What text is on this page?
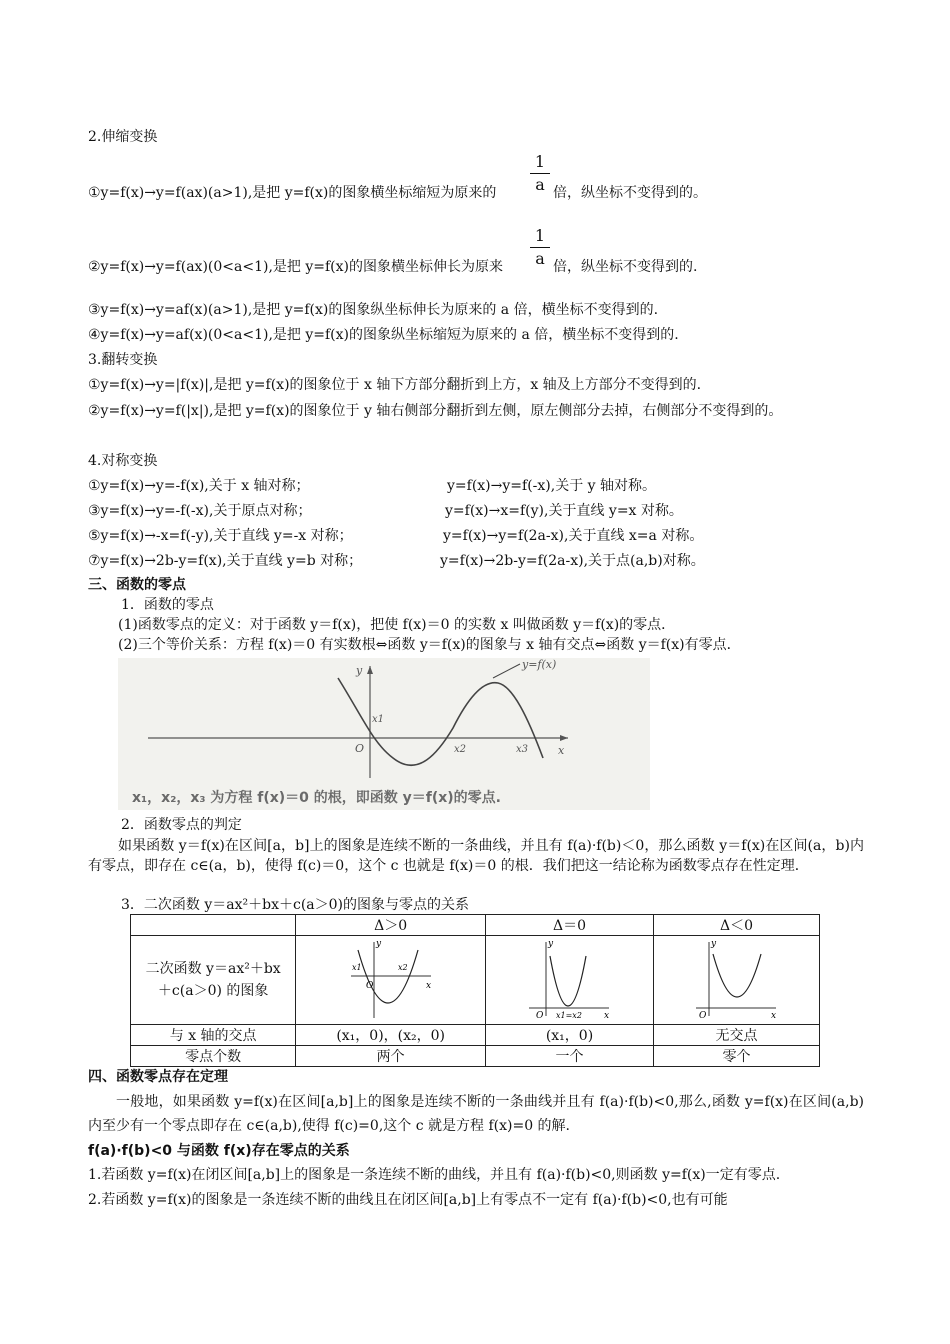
2.伸缩变换
1
a
①y=f(x)→y=f(ax)(a>1),是把 y=f(x)的图象横坐标缩短为原来的	倍，纵坐标不变得到的。
1
a
②y=f(x)→y=f(ax)(0<a<1),是把 y=f(x)的图象横坐标伸长为原来	倍，纵坐标不变得到的.
③y=f(x)→y=af(x)(a>1),是把 y=f(x)的图象纵坐标伸长为原来的 a 倍，横坐标不变得到的.
④y=f(x)→y=af(x)(0<a<1),是把 y=f(x)的图象纵坐标缩短为原来的 a 倍，横坐标不变得到的.
3.翻转变换
①y=f(x)→y=|f(x)|,是把 y=f(x)的图象位于 x 轴下方部分翻折到上方，x 轴及上方部分不变得到的.
②y=f(x)→y=f(|x|),是把 y=f(x)的图象位于 y 轴右侧部分翻折到左侧，原左侧部分去掉，右侧部分不变得到的。
4.对称变换
①y=f(x)→y=-f(x),关于 x 轴对称；	y=f(x)→y=f(-x),关于 y 轴对称。
③y=f(x)→y=-f(-x),关于原点对称；	y=f(x)→x=f(y),关于直线 y=x 对称。
⑤y=f(x)→-x=f(-y),关于直线 y=-x 对称；	y=f(x)→y=f(2a-x),关于直线 x=a 对称。
⑦y=f(x)→2b-y=f(x),关于直线 y=b 对称；	y=f(x)→2b-y=f(2a-x),关于点(a,b)对称。
三、函数的零点
1．函数的零点
(1)函数零点的定义：对于函数 y＝f(x)，把使 f(x)＝0 的实数 x 叫做函数 y＝f(x)的零点．
(2)三个等价关系：方程 f(x)＝0 有实数根⇔函数 y＝f(x)的图象与 x 轴有交点⇔函数 y＝f(x)有零点．
y=f(x)
y
x
O
x1
x2	x3
x₁，x₂，x₃ 为方程 f(x)＝0 的根，即函数 y＝f(x)的零点.
2．函数零点的判定
如果函数 y＝f(x)在区间[a，b]上的图象是连续不断的一条曲线，并且有 f(a)·f(b)＜0，那么函数 y＝f(x)在区间(a，b)内有零点，即存在 c∈(a，b)，使得 f(c)＝0，这个 c 也就是 f(x)＝0 的根．我们把这一结论称为函数零点存在性定理．
3．二次函数 y＝ax²＋bx＋c(a＞0)的图象与零点的关系
	Δ＞0	Δ＝0	Δ＜0
二次函数 y＝ax²＋bx＋c(a＞0) 的图象	y
O x
x1 x2	y
O x
x1=x2	y
O x

与 x 轴的交点	(x₁，0)，(x₂，0)	(x₁，0)	无交点
零点个数	两个	一个	零个
四、函数零点存在定理
一般地，如果函数 y=f(x)在区间[a,b]上的图象是连续不断的一条曲线并且有 f(a)·f(b)<0,那么,函数 y=f(x)在区间(a,b)内至少有一个零点即存在 c∈(a,b),使得 f(c)=0,这个 c 就是方程 f(x)=0 的解.
f(a)·f(b)<0 与函数 f(x)存在零点的关系
1.若函数 y=f(x)在闭区间[a,b]上的图象是一条连续不断的曲线，并且有 f(a)·f(b)<0,则函数 y=f(x)一定有零点.
2.若函数 y=f(x)的图象是一条连续不断的曲线且在闭区间[a,b]上有零点不一定有 f(a)·f(b)<0,也有可能
